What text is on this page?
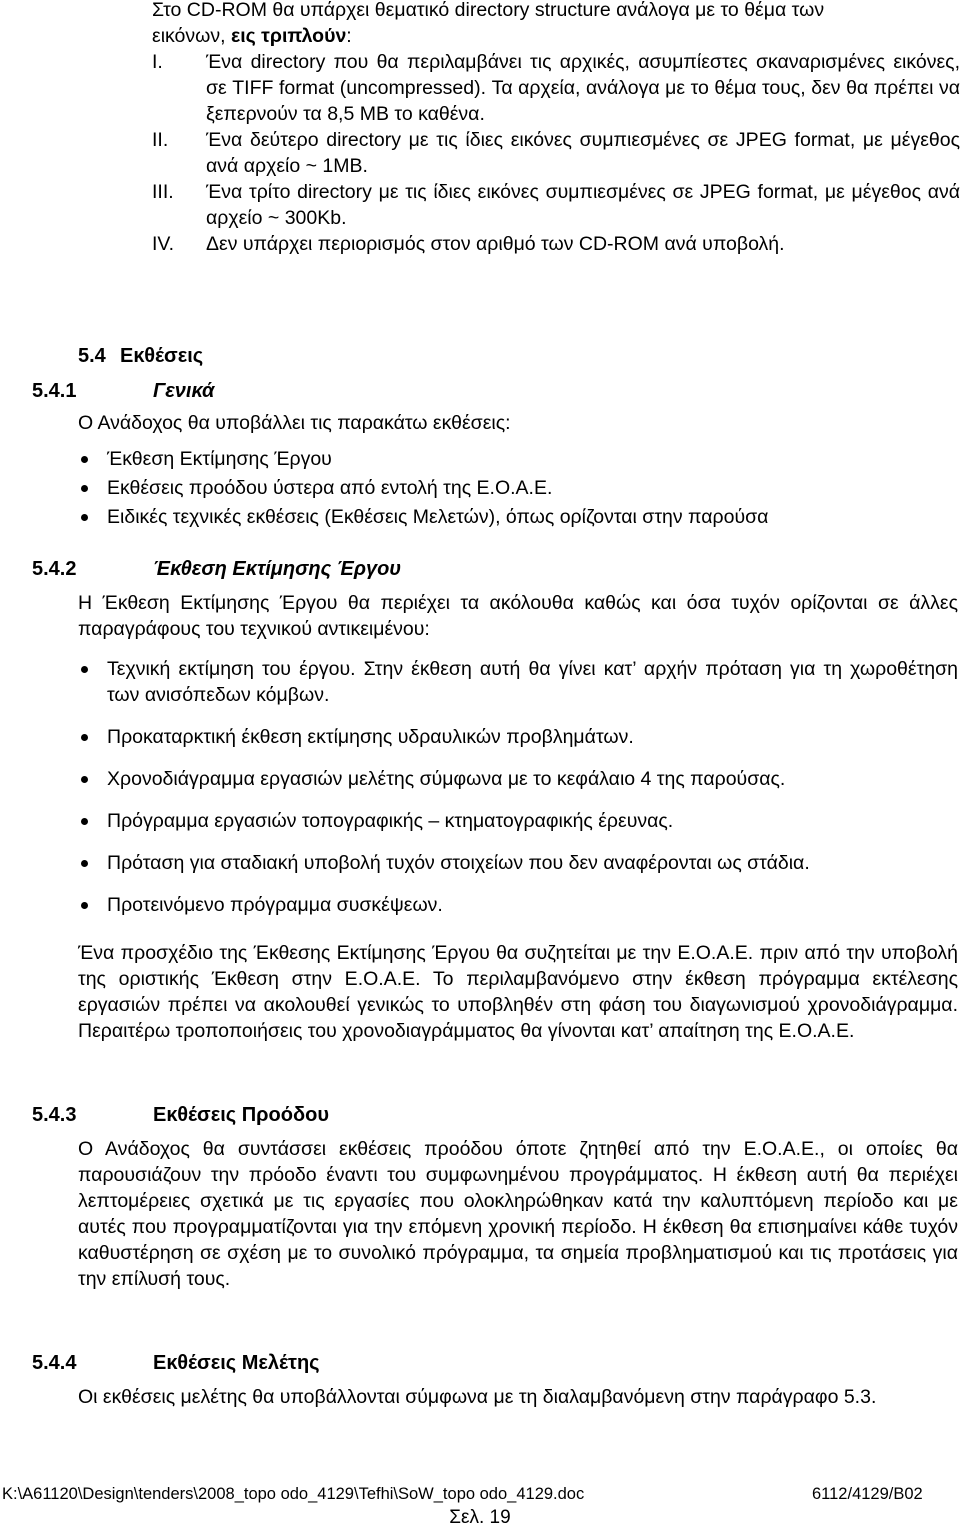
Στο CD-ROM θα υπάρχει θεματικό directory structure ανάλογα με το θέμα των
εικόνων, εις τριπλούν:
I.	Ένα directory που θα περιλαμβάνει τις αρχικές, ασυμπίεστες σκαναρισμένες εικόνες, σε TIFF format (uncompressed). Τα αρχεία, ανάλογα με το θέμα τους, δεν θα πρέπει να ξεπερνούν τα 8,5 MB το καθένα.
II.	Ένα δεύτερο directory με τις ίδιες εικόνες συμπιεσμένες σε JPEG format, με μέγεθος ανά αρχείο ~ 1MB.
III.	Ένα τρίτο directory με τις ίδιες εικόνες συμπιεσμένες σε JPEG format, με μέγεθος ανά αρχείο ~ 300Kb.
IV.	Δεν υπάρχει περιορισμός στον αριθμό των CD-ROM ανά υποβολή.
5.4 Εκθέσεις
5.4.1	Γενικά

Ο Ανάδοχος θα υποβάλλει τις παρακάτω εκθέσεις:

Έκθεση Εκτίμησης Έργου
Εκθέσεις προόδου ύστερα από εντολή της Ε.Ο.Α.Ε.
Ειδικές τεχνικές εκθέσεις (Εκθέσεις Μελετών), όπως ορίζονται στην παρούσα
5.4.2	Έκθεση Εκτίμησης Έργου

Η Έκθεση Εκτίμησης Έργου θα περιέχει τα ακόλουθα καθώς και όσα τυχόν ορίζονται σε άλλες παραγράφους του τεχνικού αντικειμένου:

Τεχνική εκτίμηση του έργου. Στην έκθεση αυτή θα γίνει κατ’ αρχήν πρόταση για τη χωροθέτηση των ανισόπεδων κόμβων.
Προκαταρκτική έκθεση εκτίμησης υδραυλικών προβλημάτων.
Χρονοδιάγραμμα εργασιών μελέτης σύμφωνα με το κεφάλαιο 4 της παρούσας.
Πρόγραμμα εργασιών τοπογραφικής – κτηματογραφικής έρευνας.
Πρόταση για σταδιακή υποβολή τυχόν στοιχείων που δεν αναφέρονται ως στάδια.
Προτεινόμενο πρόγραμμα συσκέψεων.

Ένα προσχέδιο της Έκθεσης Εκτίμησης Έργου θα συζητείται με την Ε.Ο.Α.Ε. πριν από την υποβολή της οριστικής Έκθεση στην Ε.Ο.Α.Ε. Το περιλαμβανόμενο στην έκθεση πρόγραμμα εκτέλεσης εργασιών πρέπει να ακολουθεί γενικώς το υποβληθέν στη φάση του διαγωνισμού χρονοδιάγραμμα. Περαιτέρω τροποποιήσεις του χρονοδιαγράμματος θα γίνονται κατ’ απαίτηση της Ε.Ο.Α.Ε.

5.4.3	Εκθέσεις Προόδου

Ο Ανάδοχος θα συντάσσει εκθέσεις προόδου όποτε ζητηθεί από την Ε.Ο.Α.Ε., οι οποίες θα παρουσιάζουν την πρόοδο έναντι του συμφωνημένου προγράμματος. Η έκθεση αυτή θα περιέχει λεπτομέρειες σχετικά με τις εργασίες που ολοκληρώθηκαν κατά την καλυπτόμενη περίοδο και με αυτές που προγραμματίζονται για την επόμενη χρονική περίοδο. Η έκθεση θα επισημαίνει κάθε τυχόν καθυστέρηση σε σχέση με το συνολικό πρόγραμμα, τα σημεία προβληματισμού και τις προτάσεις για την επίλυσή τους.

5.4.4	Εκθέσεις Μελέτης

Οι εκθέσεις μελέτης θα υποβάλλονται σύμφωνα με τη διαλαμβανόμενη στην παράγραφο 5.3.

K:\A61120\Design\tenders\2008_topo odo_4129\Tefhi\SoW_topo odo_4129.doc	6112/4129/B02
Σελ. 19
